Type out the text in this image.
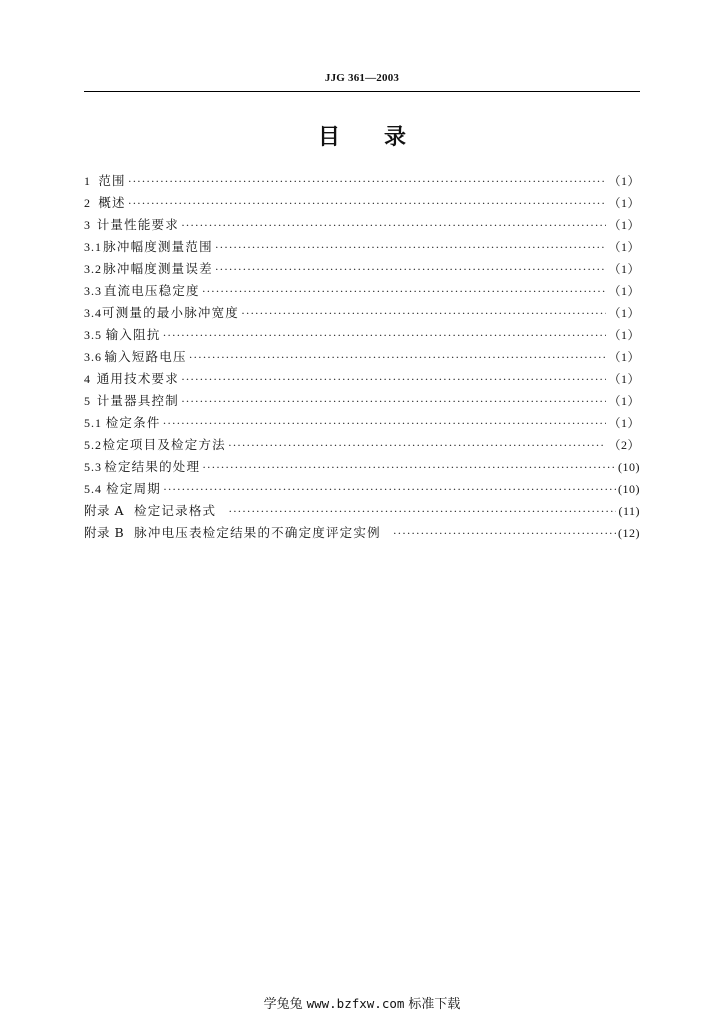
JJG 361—2003
目录
1 范围 ·····	（1）
2 概述 ·····	（1）
3 计量性能要求 ·····	（1）
3.1 脉冲幅度测量范围 ·····	（1）
3.2 脉冲幅度测量误差 ·····	（1）
3.3 直流电压稳定度 ·····	（1）
3.4 可测量的最小脉冲宽度 ·····	（1）
3.5 输入阻抗 ·····	（1）
3.6 输入短路电压 ·····	（1）
4 通用技术要求 ·····	（1）
5 计量器具控制 ·····	（1）
5.1 检定条件 ·····	（1）
5.2 检定项目及检定方法 ·····	（2）
5.3 检定结果的处理 ·····	(10)
5.4 检定周期 ·····	(10)
附录 A 检定记录格式 ·····	(11)
附录 B 脉冲电压表检定结果的不确定度评定实例 ·····	(12)
学兔兔 www.bzfxw.com 标准下载
